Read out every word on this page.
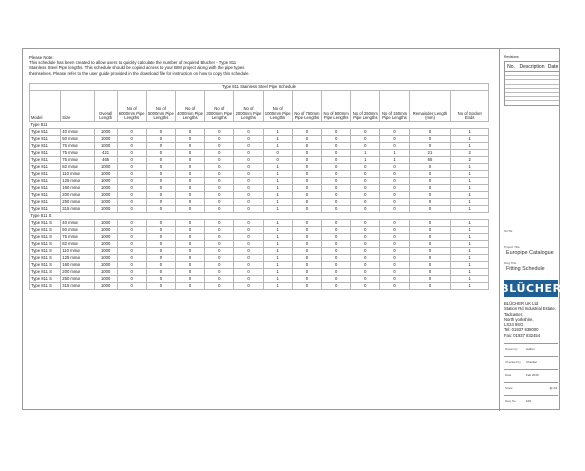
Please Note:
This schedule has been created to allow users to quickly calculate the number of required Blucher - Type 811
Stainless Steel Pipe lengths. This schedule should be copied across to your BIM project along with the pipe types
themselves. Please refer to the user guide provided in the download file for instruction on how to copy this schedule.
Type 811 Stainless Steel Pipe Schedule														
Model	Size	Overall Length	No of 6000mm Pipe Lengths	No of 5000mm Pipe Lengths	No of 4000mm Pipe Lengths	No of 3000mm Pipe Lengths	No of 2000mm Pipe Lengths	No of 1000mm Pipe Lengths	No of 750mm Pipe Lengths	No of 500mm Pipe Lengths	No of 250mm Pipe Lengths	No of 150mm Pipe Lengths	Remainder Length (mm)	No of Socket Ends
Type 811														
Type 811	40 mmø	1000	0	0	0	0	0	1	0	0	0	0	0	1
Type 811	50 mmø	1000	0	0	0	0	0	1	0	0	0	0	0	1
Type 811	75 mmø	1000	0	0	0	0	0	1	0	0	0	0	0	1
Type 811	75 mmø	421	0	0	0	0	0	0	0	0	1	1	21	2
Type 811	75 mmø	465	0	0	0	0	0	0	0	0	1	1	65	2
Type 811	82 mmø	1000	0	0	0	0	0	1	0	0	0	0	0	1
Type 811	110 mmø	1000	0	0	0	0	0	1	0	0	0	0	0	1
Type 811	125 mmø	1000	0	0	0	0	0	1	0	0	0	0	0	1
Type 811	160 mmø	1000	0	0	0	0	0	1	0	0	0	0	0	1
Type 811	200 mmø	1000	0	0	0	0	0	1	0	0	0	0	0	1
Type 811	250 mmø	1000	0	0	0	0	0	1	0	0	0	0	0	1
Type 811	315 mmø	1000	0	0	0	0	0	1	0	0	0	0	0	1
Type 811 S														
Type 811 S	40 mmø	1000	0	0	0	0	0	1	0	0	0	0	0	1
Type 811 S	50 mmø	1000	0	0	0	0	0	1	0	0	0	0	0	1
Type 811 S	75 mmø	1000	0	0	0	0	0	1	0	0	0	0	0	1
Type 811 S	82 mmø	1000	0	0	0	0	0	1	0	0	0	0	0	1
Type 811 S	110 mmø	1000	0	0	0	0	0	1	0	0	0	0	0	1
Type 811 S	125 mmø	1000	0	0	0	0	0	1	0	0	0	0	0	1
Type 811 S	160 mmø	1000	0	0	0	0	0	1	0	0	0	0	0	1
Type 811 S	200 mmø	1000	0	0	0	0	0	1	0	0	0	0	0	1
Type 811 S	250 mmø	1000	0	0	0	0	0	1	0	0	0	0	0	1
Type 811 S	315 mmø	1000	0	0	0	0	0	1	0	0	0	0	0	1
Revisions
No. Description Date
NOTE
Project Title
Europipe Catalogue
Dwg Title
Fitting Schedule
BLÜCHER
BLÜCHER UK Ltd
Station Rd Industrial Estate,
Tadcaster,
North yorkshire,
LS24 9SG
Tel: 01937 838000
Fax: 01937 832454
Drawn by	Author
Checked by Checker
Date	Feb 2015
Scale	@ A3
Dwg No.	100
